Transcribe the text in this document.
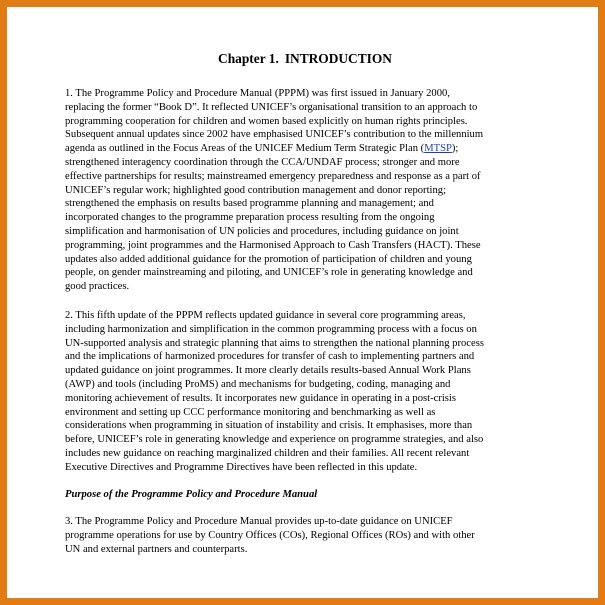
Chapter 1. INTRODUCTION

1. The Programme Policy and Procedure Manual (PPPM) was first issued in January 2000,
replacing the former “Book D”. It reflected UNICEF’s organisational transition to an approach to
programming cooperation for children and women based explicitly on human rights principles.
Subsequent annual updates since 2002 have emphasised UNICEF’s contribution to the millennium
agenda as outlined in the Focus Areas of the UNICEF Medium Term Strategic Plan (MTSP);
strengthened interagency coordination through the CCA/UNDAF process; stronger and more
effective partnerships for results; mainstreamed emergency preparedness and response as a part of
UNICEF’s regular work; highlighted good contribution management and donor reporting;
strengthened the emphasis on results based programme planning and management; and
incorporated changes to the programme preparation process resulting from the ongoing
simplification and harmonisation of UN policies and procedures, including guidance on joint
programming, joint programmes and the Harmonised Approach to Cash Transfers (HACT). These
updates also added additional guidance for the promotion of participation of children and young
people, on gender mainstreaming and piloting, and UNICEF’s role in generating knowledge and
good practices.

2. This fifth update of the PPPM reflects updated guidance in several core programming areas,
including harmonization and simplification in the common programming process with a focus on
UN-supported analysis and strategic planning that aims to strengthen the national planning process
and the implications of harmonized procedures for transfer of cash to implementing partners and
updated guidance on joint programmes. It more clearly details results-based Annual Work Plans
(AWP) and tools (including ProMS) and mechanisms for budgeting, coding, managing and
monitoring achievement of results. It incorporates new guidance in operating in a post-crisis
environment and setting up CCC performance monitoring and benchmarking as well as
considerations when programming in situation of instability and crisis. It emphasises, more than
before, UNICEF’s role in generating knowledge and experience on programme strategies, and also
includes new guidance on reaching marginalized children and their families. All recent relevant
Executive Directives and Programme Directives have been reflected in this update.

Purpose of the Programme Policy and Procedure Manual

3. The Programme Policy and Procedure Manual provides up-to-date guidance on UNICEF
programme operations for use by Country Offices (COs), Regional Offices (ROs) and with other
UN and external partners and counterparts.
